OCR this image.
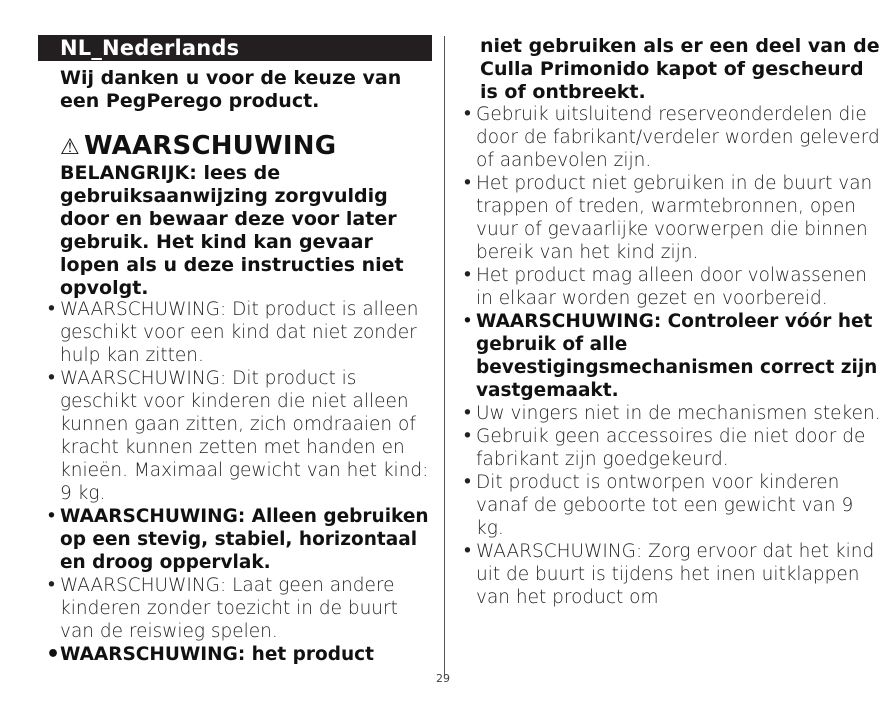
NL_Nederlands
Wij danken u voor de keuze van een PegPerego product.
⚠ WAARSCHUWING
BELANGRIJK: lees de gebruiksaanwijzing zorgvuldig door en bewaar deze voor later gebruik. Het kind kan gevaar lopen als u deze instructies niet opvolgt.
• WAARSCHUWING: Dit product is alleen geschikt voor een kind dat niet zonder hulp kan zitten.
• WAARSCHUWING: Dit product is geschikt voor kinderen die niet alleen kunnen gaan zitten, zich omdraaien of kracht kunnen zetten met handen en knieën. Maximaal gewicht van het kind: 9 kg.
• WAARSCHUWING: Alleen gebruiken op een stevig, stabiel, horizontaal en droog oppervlak.
• WAARSCHUWING: Laat geen andere kinderen zonder toezicht in de buurt van de reiswieg spelen.
• WAARSCHUWING: het product
niet gebruiken als er een deel van de Culla Primonido kapot of gescheurd is of ontbreekt.
• Gebruik uitsluitend reserveonderdelen die door de fabrikant/verdeler worden geleverd of aanbevolen zijn.
• Het product niet gebruiken in de buurt van trappen of treden, warmtebronnen, open vuur of gevaarlijke voorwerpen die binnen bereik van het kind zijn.
• Het product mag alleen door volwassenen in elkaar worden gezet en voorbereid.
• WAARSCHUWING: Controleer vóór het gebruik of alle bevestigingsmechanismen correct zijn vastgemaakt.
• Uw vingers niet in de mechanismen steken.
• Gebruik geen accessoires die niet door de fabrikant zijn goedgekeurd.
• Dit product is ontworpen voor kinderen vanaf de geboorte tot een gewicht van 9 kg.
• WAARSCHUWING: Zorg ervoor dat het kind uit de buurt is tijdens het inen uitklappen van het product om
29
